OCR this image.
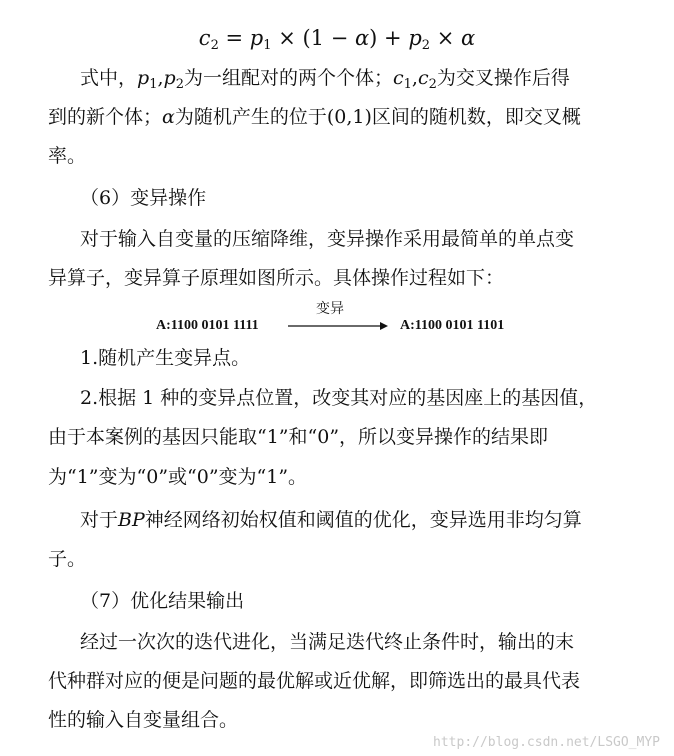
$c_2 = p_1 \times (1 - \alpha) + p_2 \times \alpha$
式中，$p_1,p_2$为一组配对的两个个体；$c_1,c_2$为交叉操作后得
到的新个体；α为随机产生的位于(0,1)区间的随机数，即交叉概
率。
（6）变异操作
对于输入自变量的压缩降维，变异操作采用最简单的单点变
异算子，变异算子原理如图所示。具体操作过程如下：
A:1100 0101 1111
变异
A:1100 0101 1101
1.随机产生变异点。
2.根据 1 种的变异点位置，改变其对应的基因座上的基因值，
由于本案例的基因只能取“1”和“0”，所以变异操作的结果即
为“1”变为“0”或“0”变为“1”。
对于BP神经网络初始权值和阈值的优化，变异选用非均匀算
子。
（7）优化结果输出
经过一次次的迭代进化，当满足迭代终止条件时，输出的末
代种群对应的便是问题的最优解或近优解，即筛选出的最具代表
性的输入自变量组合。
http://blog.csdn.net/LSGO_MYP
